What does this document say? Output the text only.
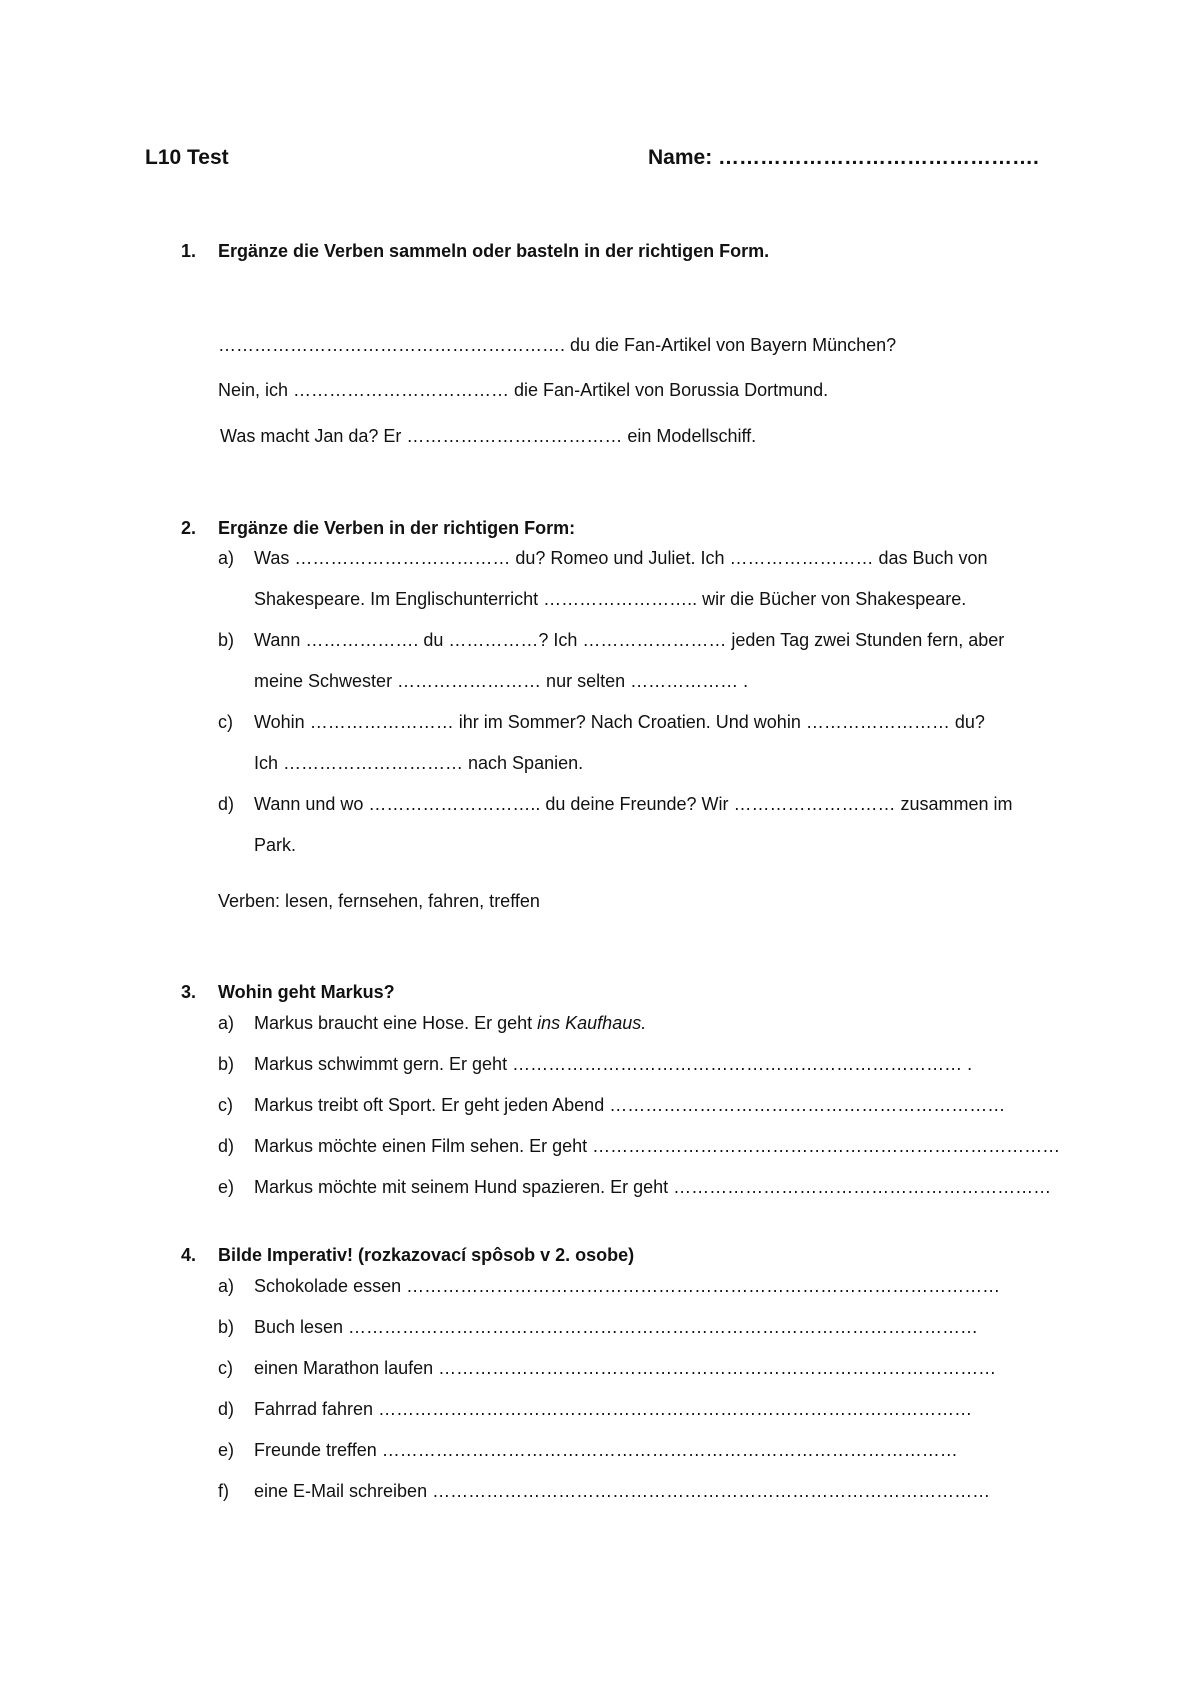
L10 Test	Name: ……………………………………….
1. Ergänze die Verben sammeln oder basteln in der richtigen Form.
…………………………………………………. du die Fan-Artikel von Bayern München?
Nein, ich ……………………………… die Fan-Artikel von Borussia Dortmund.
Was macht Jan da? Er ……………………………… ein Modellschiff.
2. Ergänze die Verben in der richtigen Form:
a) Was ……………………………… du? Romeo und Juliet. Ich …………………… das Buch von
Shakespeare. Im Englischunterricht …………………….. wir die Bücher von Shakespeare.
b) Wann ………………. du ……………? Ich …………………… jeden Tag zwei Stunden fern, aber
meine Schwester …………………… nur selten ……………… .
c) Wohin …………………… ihr im Sommer? Nach Croatien. Und wohin …………………… du?
Ich ………………………… nach Spanien.
d) Wann und wo ……………………….. du deine Freunde? Wir ……………………… zusammen im
Park.
Verben: lesen, fernsehen, fahren, treffen
3. Wohin geht Markus?
a) Markus braucht eine Hose. Er geht ins Kaufhaus.
b) Markus schwimmt gern. Er geht ………………………………………………………………… .
c) Markus treibt oft Sport. Er geht jeden Abend …………………………………………………………
d) Markus möchte einen Film sehen. Er geht ……………………………………………………………………
e) Markus möchte mit seinem Hund spazieren. Er geht ………………………………………………………
4. Bilde Imperativ! (rozkazovací spôsob v 2. osobe)
a) Schokolade essen ………………………………………………………………………………………
b) Buch lesen ……………………………………………………………………………………………
c) einen Marathon laufen …………………………………………………………………………………
d) Fahrrad fahren ………………………………………………………………………………………
e) Freunde treffen ……………………………………………………………………………………
f) eine E-Mail schreiben …………………………………………………………………………………
